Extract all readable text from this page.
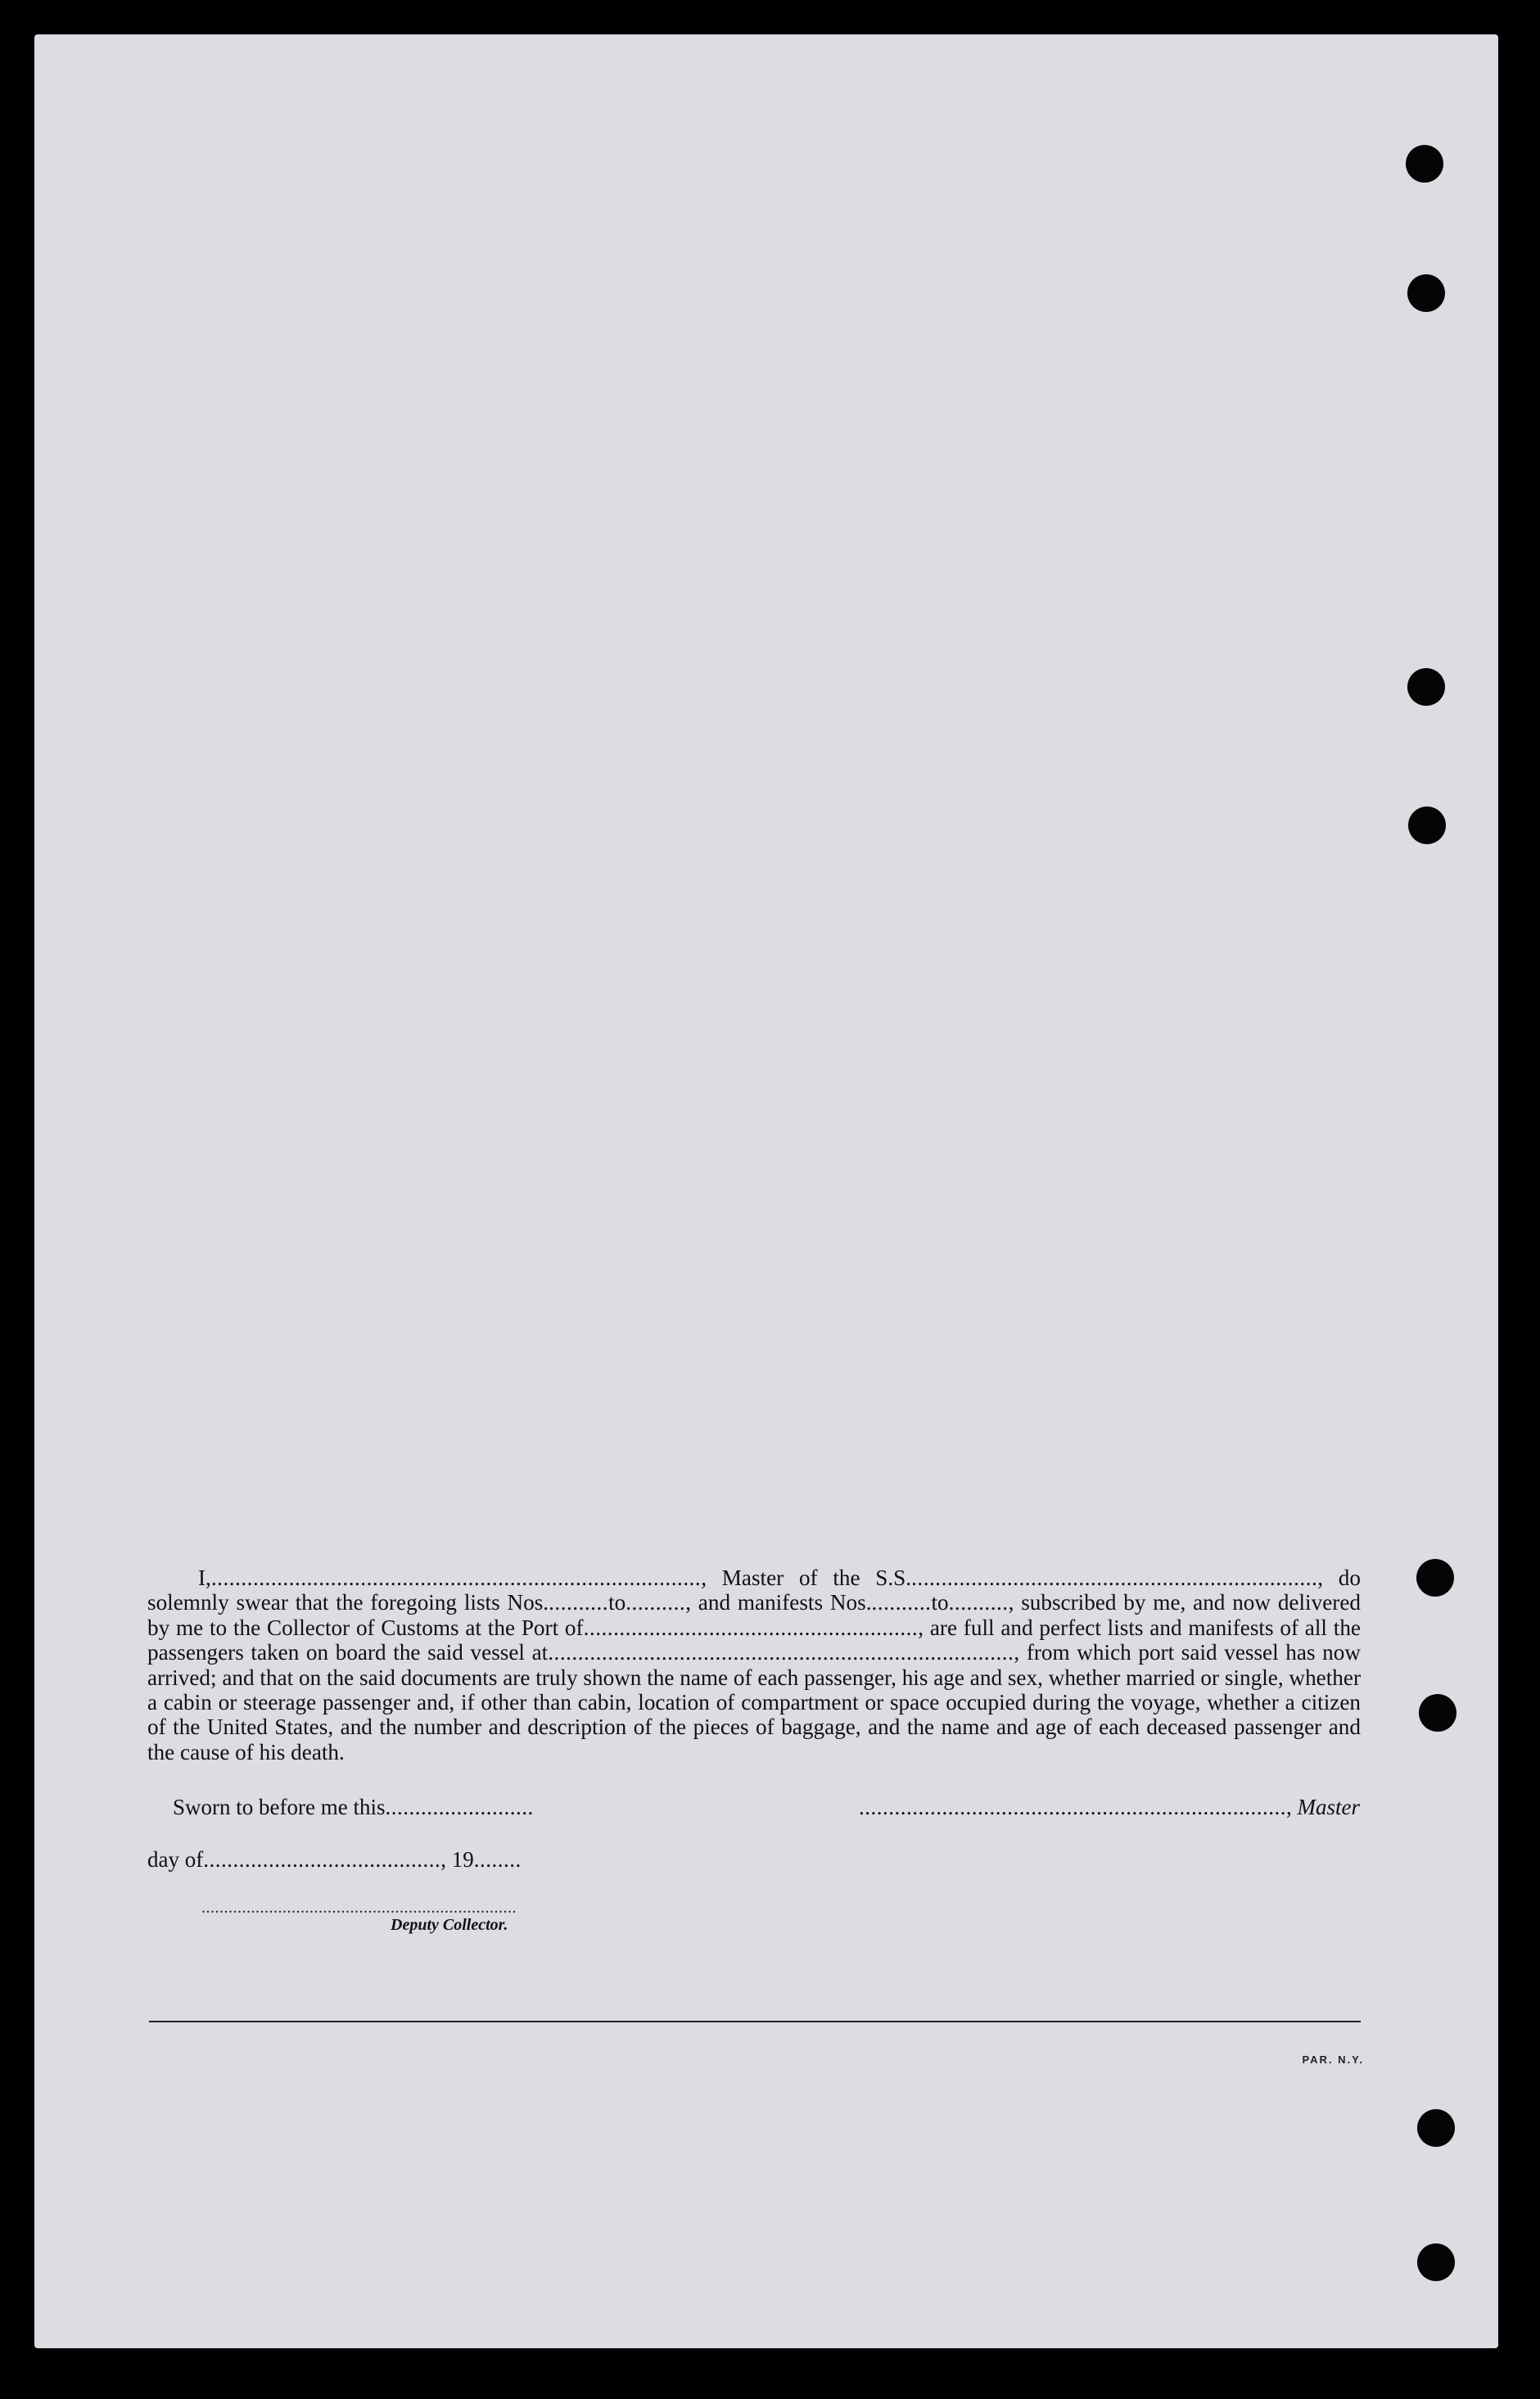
I,.................................................................................., Master of the S.S....................................................................., do solemnly swear that the foregoing lists Nos...........to.........., and manifests Nos...........to.........., subscribed by me, and now delivered by me to the Collector of Customs at the Port of........................................................, are full and perfect lists and manifests of all the passengers taken on board the said vessel at.............................................................................., from which port said vessel has now arrived; and that on the said documents are truly shown the name of each passenger, his age and sex, whether married or single, whether a cabin or steerage passenger and, if other than cabin, location of compartment or space occupied during the voyage, whether a citizen of the United States, and the number and description of the pieces of baggage, and the name and age of each deceased passenger and the cause of his death.

Sworn to before me this.........................	........................................................................, Master
day of........................................, 19........
......................................................................
Deputy Collector.
PAR. N.Y.
